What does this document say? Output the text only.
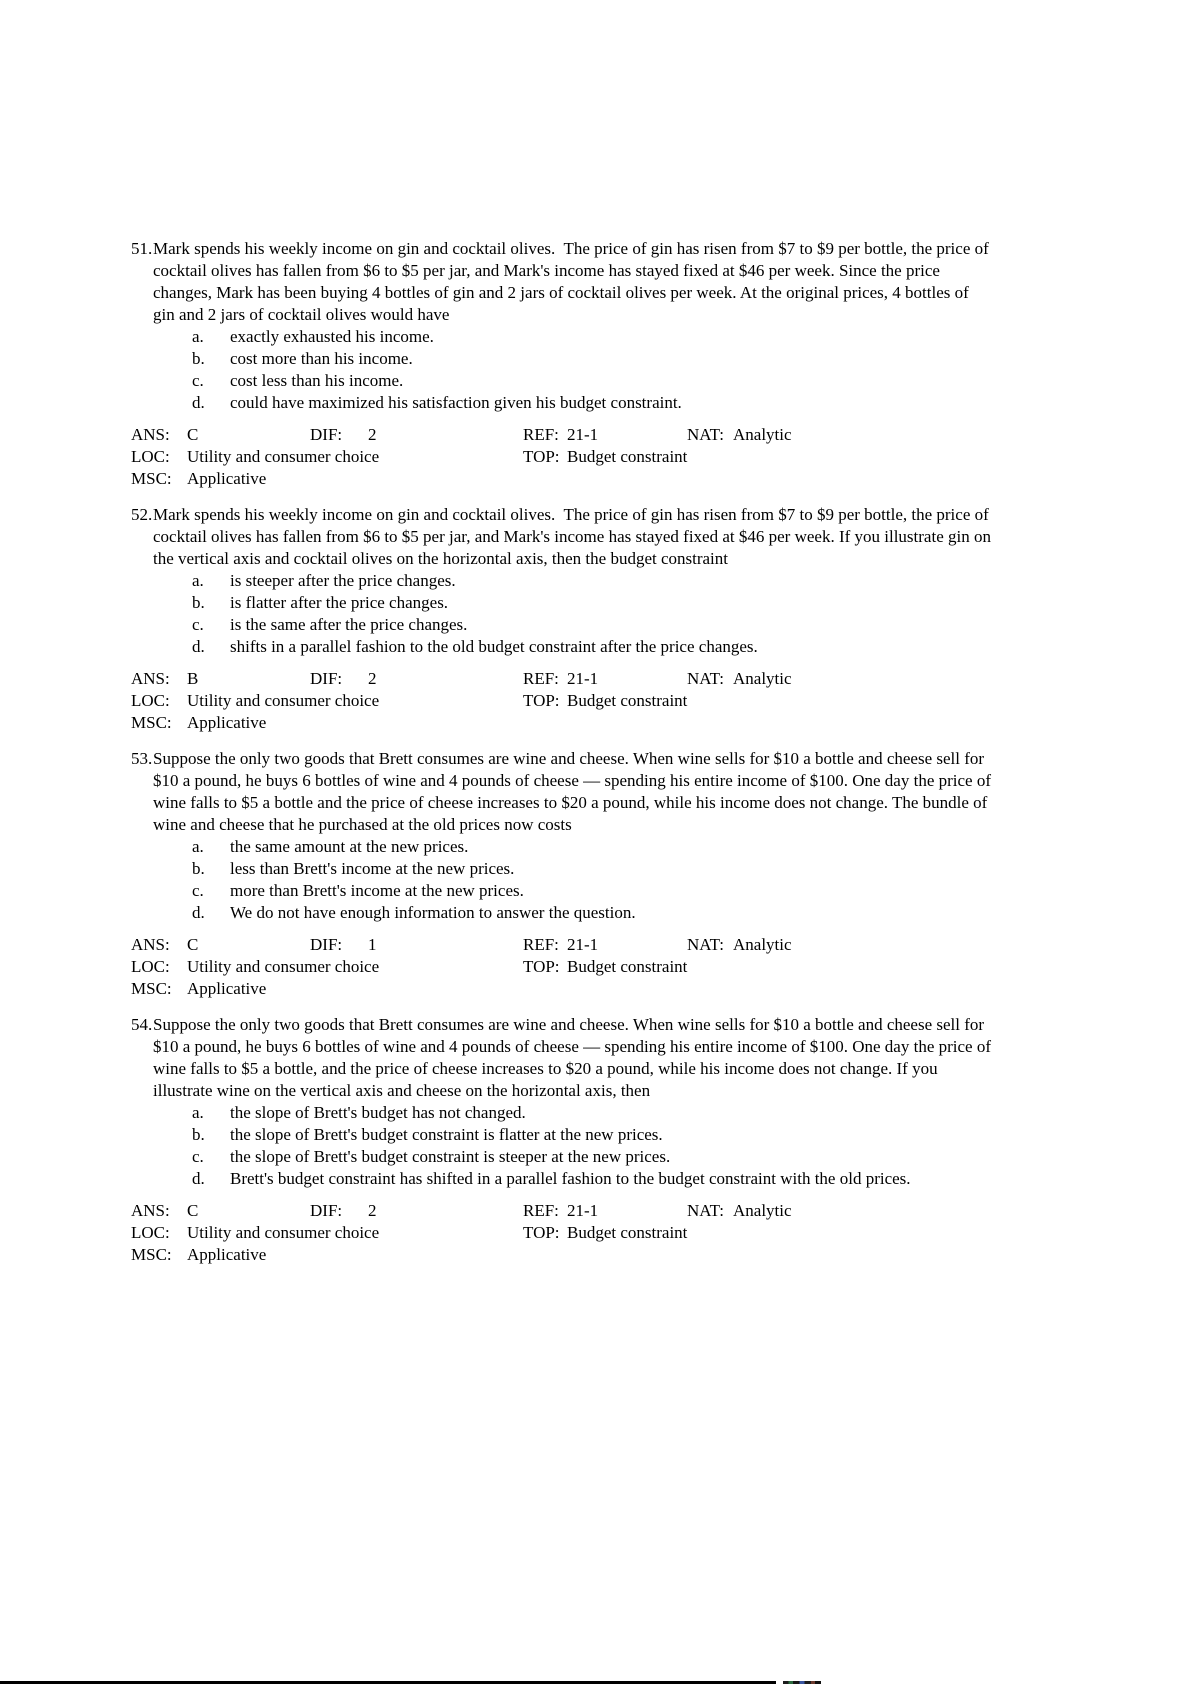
51. Mark spends his weekly income on gin and cocktail olives.  The price of gin has risen from $7 to $9 per bottle, the price of cocktail olives has fallen from $6 to $5 per jar, and Mark's income has stayed fixed at $46 per week. Since the price changes, Mark has been buying 4 bottles of gin and 2 jars of cocktail olives per week. At the original prices, 4 bottles of gin and 2 jars of cocktail olives would have
a. exactly exhausted his income.
b. cost more than his income.
c. cost less than his income.
d. could have maximized his satisfaction given his budget constraint.
ANS: C	DIF: 2	REF: 21-1	NAT: Analytic
LOC: Utility and consumer choice	TOP: Budget constraint
MSC: Applicative
52. Mark spends his weekly income on gin and cocktail olives.  The price of gin has risen from $7 to $9 per bottle, the price of cocktail olives has fallen from $6 to $5 per jar, and Mark's income has stayed fixed at $46 per week. If you illustrate gin on the vertical axis and cocktail olives on the horizontal axis, then the budget constraint
a. is steeper after the price changes.
b. is flatter after the price changes.
c. is the same after the price changes.
d. shifts in a parallel fashion to the old budget constraint after the price changes.
ANS: B	DIF: 2	REF: 21-1	NAT: Analytic
LOC: Utility and consumer choice	TOP: Budget constraint
MSC: Applicative
53. Suppose the only two goods that Brett consumes are wine and cheese. When wine sells for $10 a bottle and cheese sell for $10 a pound, he buys 6 bottles of wine and 4 pounds of cheese — spending his entire income of $100. One day the price of wine falls to $5 a bottle and the price of cheese increases to $20 a pound, while his income does not change. The bundle of wine and cheese that he purchased at the old prices now costs
a. the same amount at the new prices.
b. less than Brett's income at the new prices.
c. more than Brett's income at the new prices.
d. We do not have enough information to answer the question.
ANS: C	DIF: 1	REF: 21-1	NAT: Analytic
LOC: Utility and consumer choice	TOP: Budget constraint
MSC: Applicative
54. Suppose the only two goods that Brett consumes are wine and cheese. When wine sells for $10 a bottle and cheese sell for $10 a pound, he buys 6 bottles of wine and 4 pounds of cheese — spending his entire income of $100. One day the price of wine falls to $5 a bottle, and the price of cheese increases to $20 a pound, while his income does not change. If you illustrate wine on the vertical axis and cheese on the horizontal axis, then
a. the slope of Brett's budget has not changed.
b. the slope of Brett's budget constraint is flatter at the new prices.
c. the slope of Brett's budget constraint is steeper at the new prices.
d. Brett's budget constraint has shifted in a parallel fashion to the budget constraint with the old prices.
ANS: C	DIF: 2	REF: 21-1	NAT: Analytic
LOC: Utility and consumer choice	TOP: Budget constraint
MSC: Applicative
